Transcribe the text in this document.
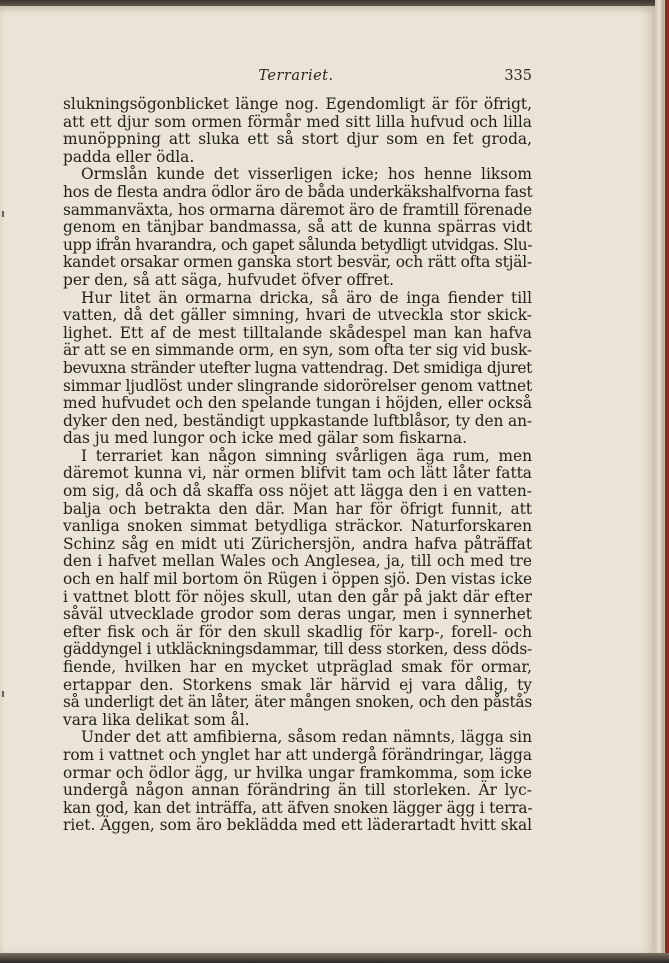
Terrariet.	335
slukningsögonblicket länge nog. Egendomligt är för öfrigt,
att ett djur som ormen förmår med sitt lilla hufvud och lilla
munöppning att sluka ett så stort djur som en fet groda,
padda eller ödla.
Ormslån kunde det visserligen icke; hos henne liksom
hos de flesta andra ödlor äro de båda underkäkshalfvorna fast
sammanväxta, hos ormarna däremot äro de framtill förenade
genom en tänjbar bandmassa, så att de kunna spärras vidt
upp ifrån hvarandra, och gapet sålunda betydligt utvidgas. Slu-
kandet orsakar ormen ganska stort besvär, och rätt ofta stjäl-
per den, så att säga, hufvudet öfver offret.
Hur litet än ormarna dricka, så äro de inga fiender till
vatten, då det gäller simning, hvari de utveckla stor skick-
lighet. Ett af de mest tilltalande skådespel man kan hafva
är att se en simmande orm, en syn, som ofta ter sig vid busk-
bevuxna stränder utefter lugna vattendrag. Det smidiga djuret
simmar ljudlöst under slingrande sidorörelser genom vattnet
med hufvudet och den spelande tungan i höjden, eller också
dyker den ned, beständigt uppkastande luftblåsor, ty den an-
das ju med lungor och icke med gälar som fiskarna.
I terrariet kan någon simning svårligen äga rum, men
däremot kunna vi, när ormen blifvit tam och lätt låter fatta
om sig, då och då skaffa oss nöjet att lägga den i en vatten-
balja och betrakta den där. Man har för öfrigt funnit, att
vanliga snoken simmat betydliga sträckor. Naturforskaren
Schinz såg en midt uti Zürichersjön, andra hafva påträffat
den i hafvet mellan Wales och Anglesea, ja, till och med tre
och en half mil bortom ön Rügen i öppen sjö. Den vistas icke
i vattnet blott för nöjes skull, utan den går på jakt där efter
såväl utvecklade grodor som deras ungar, men i synnerhet
efter fisk och är för den skull skadlig för karp-, forell- och
gäddyngel i utkläckningsdammar, till dess storken, dess döds-
fiende, hvilken har en mycket utpräglad smak för ormar,
ertappar den. Storkens smak lär härvid ej vara dålig, ty
så underligt det än låter, äter mången snoken, och den påstås
vara lika delikat som ål.
Under det att amfibierna, såsom redan nämnts, lägga sin
rom i vattnet och ynglet har att undergå förändringar, lägga
ormar och ödlor ägg, ur hvilka ungar framkomma, som icke
undergå någon annan förändring än till storleken. Är lyc-
kan god, kan det inträffa, att äfven snoken lägger ägg i terra-
riet. Äggen, som äro beklädda med ett läderartadt hvitt skal
